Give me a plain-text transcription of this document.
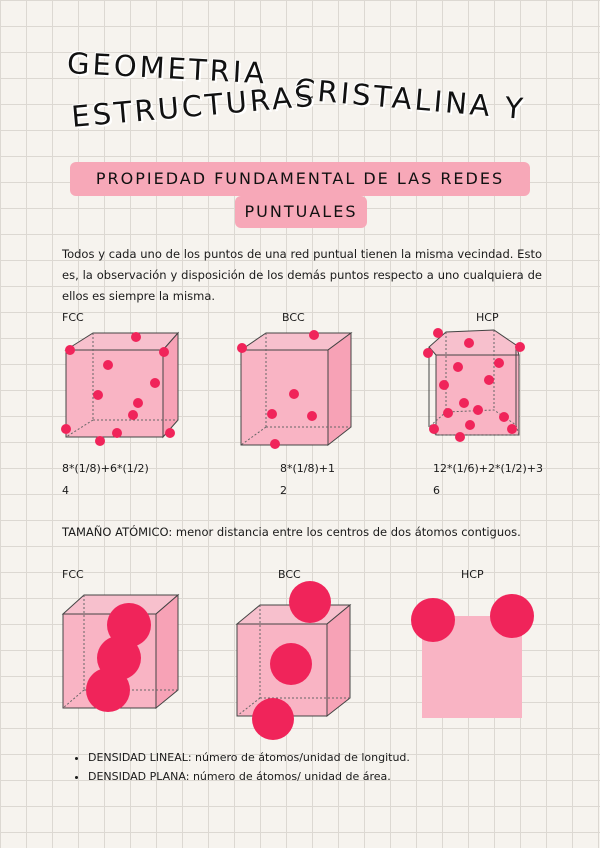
GEOMETRIA
CRISTALINA Y
ESTRUCTURAS
PROPIEDAD FUNDAMENTAL DE LAS REDES
PUNTUALES
Todos y cada uno de los puntos de una red puntual tienen la misma vecindad. Esto es, la observación y disposición de los demás puntos respecto a uno cualquiera de ellos es siempre la misma.
FCC	BCC	HCP
8*(1/8)+6*(1/2)
4
8*(1/8)+1
2
12*(1/6)+2*(1/2)+3
6
TAMAÑO ATÓMICO: menor distancia entre los centros de dos átomos contiguos.
FCC	BCC	HCP
• DENSIDAD LINEAL: número de átomos/unidad de longitud.
• DENSIDAD PLANA: número de átomos/ unidad de área.
